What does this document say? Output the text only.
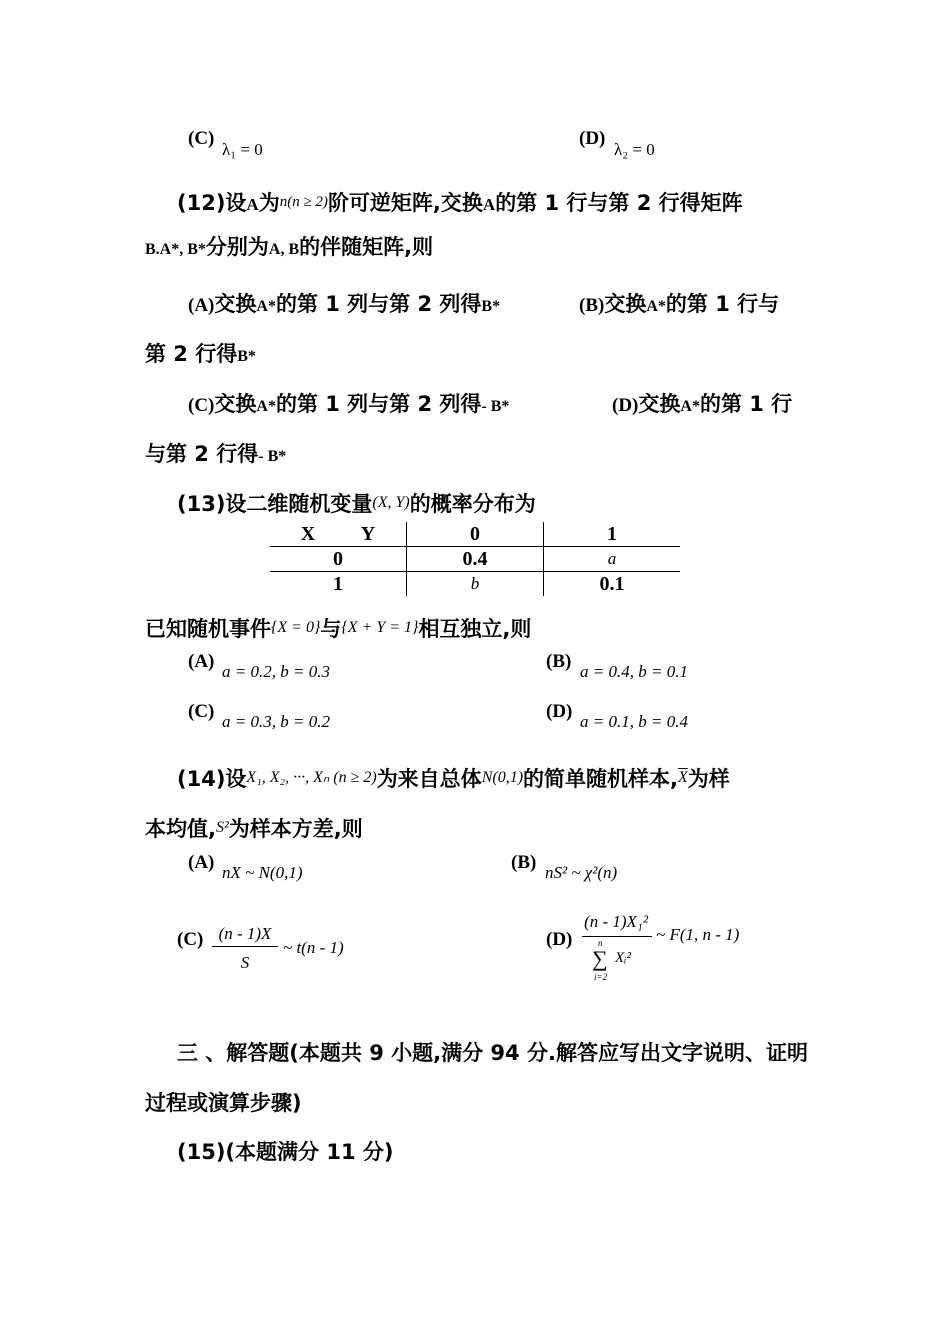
(C)
λ₁ = 0
(D)
λ₂ = 0
(12)设A为n(n ≥ 2)阶可逆矩阵,交换A的第 1 行与第 2 行得矩阵
B.A*, B*分别为A, B的伴随矩阵,则
(A)交换A*的第 1 列与第 2 列得B*	(B)交换A*的第 1 行与
第 2 行得B*
(C)交换A*的第 1 列与第 2 列得- B*	(D)交换A*的第 1 行
与第 2 行得- B*
(13)设二维随机变量(X, Y)的概率分布为
X Y	0	1
0	0.4	a
1	b	0.1
已知随机事件{X = 0}与{X + Y = 1}相互独立,则
(A) a = 0.2, b = 0.3	(B) a = 0.4, b = 0.1
(C) a = 0.3, b = 0.2	(D) a = 0.1, b = 0.4
(14)设X₁, X₂, ···, Xₙ (n ≥ 2)为来自总体N(0,1)的简单随机样本$,\overline{X}$为样
本均值,S²为样本方差,则
(A) nX ~ N(0,1)	(B) nS² ~ χ²(n)
(C) (n - 1)X
S
~ t(n - 1)	(D)
(n - 1)X₁²
n
∑ Xᵢ²
i=2
~ F(1, n - 1)
三 、解答题(本题共 9 小题,满分 94 分.解答应写出文字说明、证明
过程或演算步骤)
(15)(本题满分 11 分)
